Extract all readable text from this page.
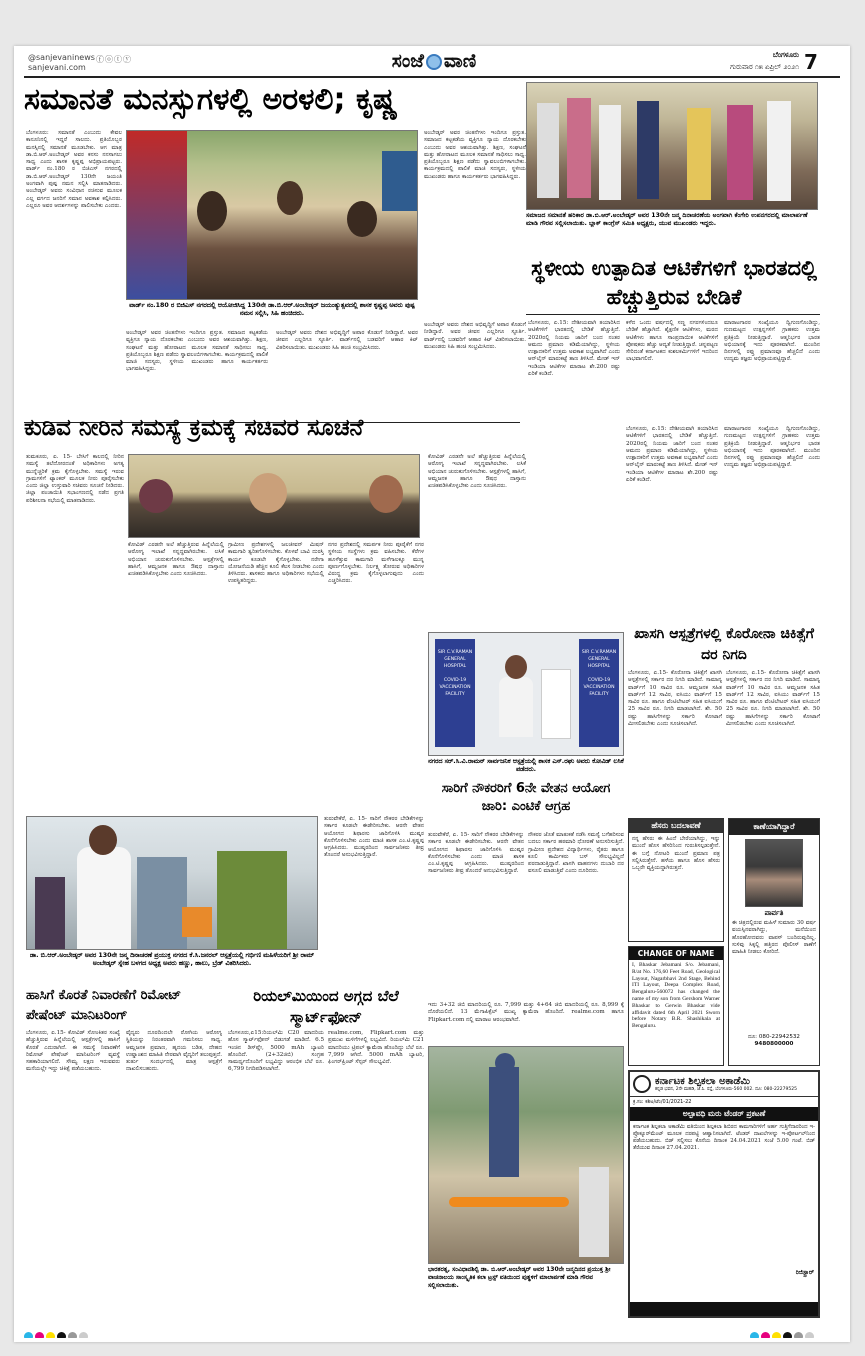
@sanjevaninews
sanjevani.com
ⓕⓞⓣⓨ	ಸಂಜೆ ವಾಣಿ	ಬೆಂಗಳೂರು
ಗುರುವಾರ ೧೫ ಏಪ್ರಿಲ್ ೨೦೨೧ 7
ಸಮಾನತೆ ಮನಸ್ಸುಗಳಲ್ಲಿ ಅರಳಲಿ; ಕೃಷ್ಣ
ಬೆಂಗಳೂರು: ಸಮಾನತೆ ಎಂಬುದು ಕೇವಲ ಕಾನೂನಿನಲ್ಲಿ ಇದ್ದರೆ ಸಾಲದು. ಪ್ರತಿಯೊಬ್ಬರ ಮನಸ್ಸಿನಲ್ಲಿ ಸಮಾನತೆ ಮೂಡಬೇಕು. ಆಗ ಮಾತ್ರ ಡಾ.ಬಿ.ಆರ್.ಅಂಬೇಡ್ಕರ್ ಅವರ ಕನಸು ನನಸಾಗಲು ಸಾಧ್ಯ ಎಂದು ಶಾಸಕ ಕೃಷ್ಣಪ್ಪ ಅಭಿಪ್ರಾಯಪಟ್ಟರು. ವಾರ್ಡ್ ನಂ.180 ರ ಬಿಜಿಎಸ್ ನಗರದಲ್ಲಿ ಡಾ.ಬಿ.ಆರ್.ಅಂಬೇಡ್ಕರ್ 130ನೇ ಜಯಂತಿ ಅಂಗವಾಗಿ ಪುಷ್ಪ ನಮನ ಸಲ್ಲಿಸಿ ಮಾತನಾಡಿದರು. ಅಂಬೇಡ್ಕರ್ ಅವರು ಸಂವಿಧಾನ ರಚಿಸುವ ಮೂಲಕ ಎಲ್ಲ ವರ್ಗದ ಜನರಿಗೆ ಸಮಾನ ಅವಕಾಶ ಕಲ್ಪಿಸಿದರು. ಎಲ್ಲರೂ ಅವರ ಆದರ್ಶಗಳನ್ನು ಪಾಲಿಸಬೇಕು ಎಂದರು.
ವಾರ್ಡ್ ನಂ.180 ರ ಬಿಜಿಎಸ್ ನಗರದಲ್ಲಿ ಆಯೋಜಿಸಿದ್ದ 130ನೇ ಡಾ.ಬಿ.ಆರ್.ಅಂಬೇಡ್ಕರ್ ಜಯಂತ್ಯುತ್ಸವದಲ್ಲಿ ಶಾಸಕ ಕೃಷ್ಣಪ್ಪ ಅವರು ಪುಷ್ಪ ನಮನ ಸಲ್ಲಿಸಿ, ಸಿಹಿ ಹಂಚಿದರು.
ಅಂಬೇಡ್ಕರ್ ಅವರ ಚಿಂತನೆಗಳು ಇಂದಿಗೂ ಪ್ರಸ್ತುತ. ಸಮಾಜದ ಕಟ್ಟಕಡೆಯ ವ್ಯಕ್ತಿಗೂ ನ್ಯಾಯ ದೊರಕಬೇಕು ಎಂಬುದು ಅವರ ಆಶಯವಾಗಿತ್ತು. ಶಿಕ್ಷಣ, ಸಂಘಟನೆ ಮತ್ತು ಹೋರಾಟದ ಮೂಲಕ ಸಮಾನತೆ ಸಾಧಿಸಲು ಸಾಧ್ಯ. ಪ್ರತಿಯೊಬ್ಬರೂ ಶಿಕ್ಷಣ ಪಡೆದು ಸ್ವಾವಲಂಬಿಗಳಾಗಬೇಕು. ಕಾರ್ಯಕ್ರಮದಲ್ಲಿ ಪಾಲಿಕೆ ಮಾಜಿ ಸದಸ್ಯರು, ಸ್ಥಳೀಯ ಮುಖಂಡರು ಹಾಗೂ ಕಾರ್ಯಕರ್ತರು ಭಾಗವಹಿಸಿದ್ದರು.
ಅಂಬೇಡ್ಕರ್ ಅವರು ದೇಶದ ಅಭಿವೃದ್ಧಿಗೆ ಅಪಾರ ಕೊಡುಗೆ ನೀಡಿದ್ದಾರೆ. ಅವರ ಜೀವನ ಎಲ್ಲರಿಗೂ ಸ್ಫೂರ್ತಿ. ವಾರ್ಡ್‌ನಲ್ಲಿ ಬಡವರಿಗೆ ಆಹಾರ ಕಿಟ್ ವಿತರಿಸಲಾಯಿತು. ಮುಖಂಡರು ಸಿಹಿ ಹಂಚಿ ಸಂಭ್ರಮಿಸಿದರು.
ಅಂಬೇಡ್ಕರ್ ಅವರ ಚಿಂತನೆಗಳು ಇಂದಿಗೂ ಪ್ರಸ್ತುತ. ಸಮಾಜದ ಕಟ್ಟಕಡೆಯ ವ್ಯಕ್ತಿಗೂ ನ್ಯಾಯ ದೊರಕಬೇಕು ಎಂಬುದು ಅವರ ಆಶಯವಾಗಿತ್ತು. ಶಿಕ್ಷಣ, ಸಂಘಟನೆ ಮತ್ತು ಹೋರಾಟದ ಮೂಲಕ ಸಮಾನತೆ ಸಾಧಿಸಲು ಸಾಧ್ಯ. ಪ್ರತಿಯೊಬ್ಬರೂ ಶಿಕ್ಷಣ ಪಡೆದು ಸ್ವಾವಲಂಬಿಗಳಾಗಬೇಕು. ಕಾರ್ಯಕ್ರಮದಲ್ಲಿ ಪಾಲಿಕೆ ಮಾಜಿ ಸದಸ್ಯರು, ಸ್ಥಳೀಯ ಮುಖಂಡರು ಹಾಗೂ ಕಾರ್ಯಕರ್ತರು ಭಾಗವಹಿಸಿದ್ದರು.
ಸಮಾಜದ ಸಮಾನತೆ ಹರಿಕಾರ ಡಾ.ಬಿ.ಆರ್.ಅಂಬೇಡ್ಕರ್ ಅವರ 130ನೇ ಜನ್ಮ ದಿನಾಚರಣೆಯ ಅಂಗವಾಗಿ ಕೆಂಗೇರಿ ಉಪನಗರದಲ್ಲಿ ಮಾಲಾರ್ಪಣೆ ಮಾಡಿ ಗೌರವ ಸಲ್ಲಿಸಲಾಯಿತು. ಬ್ಲಾಕ್ ಕಾಂಗ್ರೆಸ್ ಸಮಿತಿ ಅಧ್ಯಕ್ಷರು, ಯುವ ಮುಖಂಡರು ಇದ್ದರು.
ಅಂಬೇಡ್ಕರ್ ಅವರು ದೇಶದ ಅಭಿವೃದ್ಧಿಗೆ ಅಪಾರ ಕೊಡುಗೆ ನೀಡಿದ್ದಾರೆ. ಅವರ ಜೀವನ ಎಲ್ಲರಿಗೂ ಸ್ಫೂರ್ತಿ. ವಾರ್ಡ್‌ನಲ್ಲಿ ಬಡವರಿಗೆ ಆಹಾರ ಕಿಟ್ ವಿತರಿಸಲಾಯಿತು. ಮುಖಂಡರು ಸಿಹಿ ಹಂಚಿ ಸಂಭ್ರಮಿಸಿದರು.
ಸ್ಥಳೀಯ ಉತ್ಪಾದಿತ ಆಟಿಕೆಗಳಿಗೆ ಭಾರತದಲ್ಲಿ ಹೆಚ್ಚುತ್ತಿರುವ ಬೇಡಿಕೆ
ಬೆಂಗಳೂರು, ಏ.15: ದೇಶೀಯವಾಗಿ ತಯಾರಿಸಿದ ಆಟಿಕೆಗಳಿಗೆ ಭಾರತದಲ್ಲಿ ಬೇಡಿಕೆ ಹೆಚ್ಚುತ್ತಿದೆ. 2020ರಲ್ಲಿ ನಿಯಮ ಜಾರಿಗೆ ಬಂದ ನಂತರ ಆಮದು ಪ್ರಮಾಣ ಕಡಿಮೆಯಾಗಿದ್ದು, ಸ್ಥಳೀಯ ಉತ್ಪಾದಕರಿಗೆ ಉತ್ತಮ ಅವಕಾಶ ಲಭ್ಯವಾಗಿದೆ ಎಂದು ಆನ್‌ಲೈನ್ ಮಾರುಕಟ್ಟೆ ತಾಣ ತಿಳಿಸಿದೆ. ಮೇಡ್ ಇನ್ ಇಂಡಿಯಾ ಆಟಿಕೆಗಳ ಮಾರಾಟ ಶೇ.200 ರಷ್ಟು ಏರಿಕೆ ಕಂಡಿದೆ.
ಕಳೆದ ಒಂದು ವರ್ಷದಲ್ಲಿ ಸಣ್ಣ ನಗರಗಳಿಂದಲೂ ಬೇಡಿಕೆ ಹೆಚ್ಚಾಗಿದೆ. ಶೈಕ್ಷಣಿಕ ಆಟಿಕೆಗಳು, ಮರದ ಆಟಿಕೆಗಳು ಹಾಗೂ ಸಾಂಪ್ರದಾಯಿಕ ಆಟಿಕೆಗಳಿಗೆ ಪೋಷಕರು ಹೆಚ್ಚು ಆದ್ಯತೆ ನೀಡುತ್ತಿದ್ದಾರೆ. ಚನ್ನಪಟ್ಟಣ ಸೇರಿದಂತೆ ಕರ್ನಾಟಕದ ಕುಶಲಕರ್ಮಿಗಳಿಗೆ ಇದರಿಂದ ಲಾಭವಾಗಲಿದೆ.
ಮಾರಾಟಗಾರರ ಸಂಖ್ಯೆಯೂ ದ್ವಿಗುಣಗೊಂಡಿದ್ದು, ಗುಣಮಟ್ಟದ ಉತ್ಪನ್ನಗಳಿಗೆ ಗ್ರಾಹಕರು ಉತ್ತಮ ಪ್ರತಿಕ್ರಿಯೆ ನೀಡುತ್ತಿದ್ದಾರೆ. ಆತ್ಮನಿರ್ಭರ ಭಾರತ ಅಭಿಯಾನಕ್ಕೆ ಇದು ಪೂರಕವಾಗಿದೆ. ಮುಂದಿನ ದಿನಗಳಲ್ಲಿ ರಫ್ತು ಪ್ರಮಾಣವೂ ಹೆಚ್ಚಲಿದೆ ಎಂದು ಉದ್ಯಮ ತಜ್ಞರು ಅಭಿಪ್ರಾಯಪಟ್ಟಿದ್ದಾರೆ.
ಬೆಂಗಳೂರು, ಏ.15: ದೇಶೀಯವಾಗಿ ತಯಾರಿಸಿದ ಆಟಿಕೆಗಳಿಗೆ ಭಾರತದಲ್ಲಿ ಬೇಡಿಕೆ ಹೆಚ್ಚುತ್ತಿದೆ. 2020ರಲ್ಲಿ ನಿಯಮ ಜಾರಿಗೆ ಬಂದ ನಂತರ ಆಮದು ಪ್ರಮಾಣ ಕಡಿಮೆಯಾಗಿದ್ದು, ಸ್ಥಳೀಯ ಉತ್ಪಾದಕರಿಗೆ ಉತ್ತಮ ಅವಕಾಶ ಲಭ್ಯವಾಗಿದೆ ಎಂದು ಆನ್‌ಲೈನ್ ಮಾರುಕಟ್ಟೆ ತಾಣ ತಿಳಿಸಿದೆ. ಮೇಡ್ ಇನ್ ಇಂಡಿಯಾ ಆಟಿಕೆಗಳ ಮಾರಾಟ ಶೇ.200 ರಷ್ಟು ಏರಿಕೆ ಕಂಡಿದೆ.
ಮಾರಾಟಗಾರರ ಸಂಖ್ಯೆಯೂ ದ್ವಿಗುಣಗೊಂಡಿದ್ದು, ಗುಣಮಟ್ಟದ ಉತ್ಪನ್ನಗಳಿಗೆ ಗ್ರಾಹಕರು ಉತ್ತಮ ಪ್ರತಿಕ್ರಿಯೆ ನೀಡುತ್ತಿದ್ದಾರೆ. ಆತ್ಮನಿರ್ಭರ ಭಾರತ ಅಭಿಯಾನಕ್ಕೆ ಇದು ಪೂರಕವಾಗಿದೆ. ಮುಂದಿನ ದಿನಗಳಲ್ಲಿ ರಫ್ತು ಪ್ರಮಾಣವೂ ಹೆಚ್ಚಲಿದೆ ಎಂದು ಉದ್ಯಮ ತಜ್ಞರು ಅಭಿಪ್ರಾಯಪಟ್ಟಿದ್ದಾರೆ.
ಕುಡಿವ ನೀರಿನ ಸಮಸ್ಯೆ ಕ್ರಮಕ್ಕೆ ಸಚಿವರ ಸೂಚನೆ
ತುಮಕೂರು, ಏ. 15- ಬೇಸಿಗೆ ಕಾಲದಲ್ಲಿ ನೀರಿನ ಸಮಸ್ಯೆ ತಲೆದೋರದಂತೆ ಅಧಿಕಾರಿಗಳು ಅಗತ್ಯ ಮುನ್ನೆಚ್ಚರಿಕೆ ಕ್ರಮ ಕೈಗೊಳ್ಳಬೇಕು. ಸಮಸ್ಯೆ ಇರುವ ಗ್ರಾಮಗಳಿಗೆ ಟ್ಯಾಂಕರ್ ಮೂಲಕ ನೀರು ಪೂರೈಸಬೇಕು ಎಂದು ಜಿಲ್ಲಾ ಉಸ್ತುವಾರಿ ಸಚಿವರು ಸೂಚನೆ ನೀಡಿದರು. ಜಿಲ್ಲಾ ಪಂಚಾಯಿತಿ ಸಭಾಂಗಣದಲ್ಲಿ ನಡೆದ ಪ್ರಗತಿ ಪರಿಶೀಲನಾ ಸಭೆಯಲ್ಲಿ ಮಾತನಾಡಿದರು.
ಕೋವಿಡ್ ಎರಡನೇ ಅಲೆ ಹೆಚ್ಚುತ್ತಿರುವ ಹಿನ್ನೆಲೆಯಲ್ಲಿ ಆರೋಗ್ಯ ಇಲಾಖೆ ಸನ್ನದ್ಧವಾಗಿರಬೇಕು. ಲಸಿಕೆ ಅಭಿಯಾನ ಚುರುಕುಗೊಳಿಸಬೇಕು. ಆಸ್ಪತ್ರೆಗಳಲ್ಲಿ ಹಾಸಿಗೆ, ಆಮ್ಲಜನಕ ಹಾಗೂ ಔಷಧ ದಾಸ್ತಾನು ಖಚಿತಪಡಿಸಿಕೊಳ್ಳಬೇಕು ಎಂದು ಸೂಚಿಸಿದರು.
ಗ್ರಾಮೀಣ ಪ್ರದೇಶಗಳಲ್ಲಿ ಜಲಜೀವನ್ ಮಿಷನ್ ಕಾಮಗಾರಿ ತ್ವರಿತಗೊಳಿಸಬೇಕು. ಕೊಳವೆ ಬಾವಿ ದುರಸ್ತಿ ಕಾರ್ಯ ಕೂಡಲೇ ಕೈಗೊಳ್ಳಬೇಕು. ನರೇಗಾ ಯೋಜನೆಯಡಿ ಹೆಚ್ಚಿನ ಕೂಲಿ ಕೆಲಸ ನೀಡಬೇಕು ಎಂದು ತಿಳಿಸಿದರು. ಶಾಸಕರು ಹಾಗೂ ಅಧಿಕಾರಿಗಳು ಸಭೆಯಲ್ಲಿ ಉಪಸ್ಥಿತರಿದ್ದರು.
ನಗರ ಪ್ರದೇಶದಲ್ಲಿ ಸಮರ್ಪಕ ನೀರು ಪೂರೈಕೆಗೆ ನಗರ ಸ್ಥಳೀಯ ಸಂಸ್ಥೆಗಳು ಕ್ರಮ ವಹಿಸಬೇಕು. ಕೆರೆಗಳ ಹೂಳೆತ್ತುವ ಕಾಮಗಾರಿ ಮಳೆಗಾಲಕ್ಕೂ ಮುನ್ನ ಪೂರ್ಣಗೊಳ್ಳಬೇಕು. ನಿರ್ಲಕ್ಷ್ಯ ತೋರುವ ಅಧಿಕಾರಿಗಳ ವಿರುದ್ಧ ಕ್ರಮ ಕೈಗೊಳ್ಳಲಾಗುವುದು ಎಂದು ಎಚ್ಚರಿಸಿದರು.
ಕೋವಿಡ್ ಎರಡನೇ ಅಲೆ ಹೆಚ್ಚುತ್ತಿರುವ ಹಿನ್ನೆಲೆಯಲ್ಲಿ ಆರೋಗ್ಯ ಇಲಾಖೆ ಸನ್ನದ್ಧವಾಗಿರಬೇಕು. ಲಸಿಕೆ ಅಭಿಯಾನ ಚುರುಕುಗೊಳಿಸಬೇಕು. ಆಸ್ಪತ್ರೆಗಳಲ್ಲಿ ಹಾಸಿಗೆ, ಆಮ್ಲಜನಕ ಹಾಗೂ ಔಷಧ ದಾಸ್ತಾನು ಖಚಿತಪಡಿಸಿಕೊಳ್ಳಬೇಕು ಎಂದು ಸೂಚಿಸಿದರು.
SIR C.V.RAMAN GENERAL HOSPITAL

COVID-19 VACCINATION FACILITY
SIR C.V.RAMAN GENERAL HOSPITAL

COVID-19 VACCINATION FACILITY
ನಗರದ ಸರ್.ಸಿ.ವಿ.ರಾಮನ್ ಸಾರ್ವಜನಿಕ ಆಸ್ಪತ್ರೆಯಲ್ಲಿ ಶಾಸಕ ಎಸ್.ರಘು ಅವರು ಕೋವಿಡ್ ಲಸಿಕೆ ಪಡೆದರು.
ಖಾಸಗಿ ಆಸ್ಪತ್ರೆಗಳಲ್ಲಿ ಕೊರೋನಾ ಚಿಕಿತ್ಸೆಗೆ ದರ ನಿಗದಿ
ಬೆಂಗಳೂರು, ಏ.15- ಕೊರೋನಾ ಚಿಕಿತ್ಸೆಗೆ ಖಾಸಗಿ ಆಸ್ಪತ್ರೆಗಳಲ್ಲಿ ಸರ್ಕಾರ ದರ ನಿಗದಿ ಮಾಡಿದೆ. ಸಾಮಾನ್ಯ ವಾರ್ಡ್‌ಗೆ 10 ಸಾವಿರ ರೂ. ಆಮ್ಲಜನಕ ಸಹಿತ ವಾರ್ಡ್‌ಗೆ 12 ಸಾವಿರ, ಐಸಿಯು ವಾರ್ಡ್‌ಗೆ 15 ಸಾವಿರ ರೂ. ಹಾಗೂ ವೆಂಟಿಲೇಟರ್ ಸಹಿತ ಐಸಿಯುಗೆ 25 ಸಾವಿರ ರೂ. ನಿಗದಿ ಮಾಡಲಾಗಿದೆ. ಶೇ. 50 ರಷ್ಟು ಹಾಸಿಗೆಗಳನ್ನು ಸರ್ಕಾರಿ ಕೋಟಾಗೆ ಮೀಸಲಿಡಬೇಕು ಎಂದು ಸೂಚಿಸಲಾಗಿದೆ.
ಬೆಂಗಳೂರು, ಏ.15- ಕೊರೋನಾ ಚಿಕಿತ್ಸೆಗೆ ಖಾಸಗಿ ಆಸ್ಪತ್ರೆಗಳಲ್ಲಿ ಸರ್ಕಾರ ದರ ನಿಗದಿ ಮಾಡಿದೆ. ಸಾಮಾನ್ಯ ವಾರ್ಡ್‌ಗೆ 10 ಸಾವಿರ ರೂ. ಆಮ್ಲಜನಕ ಸಹಿತ ವಾರ್ಡ್‌ಗೆ 12 ಸಾವಿರ, ಐಸಿಯು ವಾರ್ಡ್‌ಗೆ 15 ಸಾವಿರ ರೂ. ಹಾಗೂ ವೆಂಟಿಲೇಟರ್ ಸಹಿತ ಐಸಿಯುಗೆ 25 ಸಾವಿರ ರೂ. ನಿಗದಿ ಮಾಡಲಾಗಿದೆ. ಶೇ. 50 ರಷ್ಟು ಹಾಸಿಗೆಗಳನ್ನು ಸರ್ಕಾರಿ ಕೋಟಾಗೆ ಮೀಸಲಿಡಬೇಕು ಎಂದು ಸೂಚಿಸಲಾಗಿದೆ.
ಸಾರಿಗೆ ನೌಕರರಿಗೆ 6ನೇ ವೇತನ ಆಯೋಗ ಜಾರಿ: ಎಂಟಿಕೆ ಆಗ್ರಹ
ತುರುವೇಕೆರೆ, ಏ. 15- ಸಾರಿಗೆ ನೌಕರರ ಬೇಡಿಕೆಗಳನ್ನು ಸರ್ಕಾರ ಕೂಡಲೇ ಈಡೇರಿಸಬೇಕು. ಆರನೇ ವೇತನ ಆಯೋಗದ ಶಿಫಾರಸು ಜಾರಿಗೊಳಿಸಿ ಮುಷ್ಕರ ಕೊನೆಗೊಳಿಸಬೇಕು ಎಂದು ಮಾಜಿ ಶಾಸಕ ಎಂ.ಟಿ.ಕೃಷ್ಣಪ್ಪ ಆಗ್ರಹಿಸಿದರು. ಮುಷ್ಕರದಿಂದ ಸಾರ್ವಜನಿಕರು ತೀವ್ರ ತೊಂದರೆ ಅನುಭವಿಸುತ್ತಿದ್ದಾರೆ.
ನೌಕರರ ಜೊತೆ ಮಾತುಕತೆ ನಡೆಸಿ ಸಮಸ್ಯೆ ಬಗೆಹರಿಸುವ ಬದಲು ಸರ್ಕಾರ ಹಠಮಾರಿ ಧೋರಣೆ ಅನುಸರಿಸುತ್ತಿದೆ. ಗ್ರಾಮೀಣ ಪ್ರದೇಶದ ವಿದ್ಯಾರ್ಥಿಗಳು, ರೈತರು ಹಾಗೂ ಕೂಲಿ ಕಾರ್ಮಿಕರು ಬಸ್ ಸೌಲಭ್ಯವಿಲ್ಲದೆ ಪರದಾಡುತ್ತಿದ್ದಾರೆ. ಖಾಸಗಿ ವಾಹನಗಳು ದುಬಾರಿ ದರ ವಸೂಲಿ ಮಾಡುತ್ತಿವೆ ಎಂದು ದೂರಿದರು.
ಡಾ. ಬಿ.ಆರ್.ಅಂಬೇಡ್ಕರ್ ಅವರ 130ನೇ ಜನ್ಮ ದಿನಾಚರಣೆ ಪ್ರಯುಕ್ತ ನಗರದ ಕೆ.ಸಿ.ಜನರಲ್ ಆಸ್ಪತ್ರೆಯಲ್ಲಿ ಗರ್ಭಿಣಿ ಮಹಿಳೆಯರಿಗೆ ಶ್ರೀ ರಾಮ್ ಅಂಬೇಡ್ಕರ್ ಸ್ನೇಹ ಬಳಗದ ಅಧ್ಯಕ್ಷ ಅವರು ಹಣ್ಣು, ಹಾಲು, ಬ್ರೆಡ್ ವಿತರಿಸಿದರು.
ತುರುವೇಕೆರೆ, ಏ. 15- ಸಾರಿಗೆ ನೌಕರರ ಬೇಡಿಕೆಗಳನ್ನು ಸರ್ಕಾರ ಕೂಡಲೇ ಈಡೇರಿಸಬೇಕು. ಆರನೇ ವೇತನ ಆಯೋಗದ ಶಿಫಾರಸು ಜಾರಿಗೊಳಿಸಿ ಮುಷ್ಕರ ಕೊನೆಗೊಳಿಸಬೇಕು ಎಂದು ಮಾಜಿ ಶಾಸಕ ಎಂ.ಟಿ.ಕೃಷ್ಣಪ್ಪ ಆಗ್ರಹಿಸಿದರು. ಮುಷ್ಕರದಿಂದ ಸಾರ್ವಜನಿಕರು ತೀವ್ರ ತೊಂದರೆ ಅನುಭವಿಸುತ್ತಿದ್ದಾರೆ.
ಹಾಸಿಗೆ ಕೊರತೆ ನಿವಾರಣೆಗೆ ರಿಮೋಟ್ ಪೇಷೆಂಟ್ ಮಾನಿಟರಿಂಗ್
ಬೆಂಗಳೂರು, ಏ.15- ಕೋವಿಡ್ ಸೋಂಕಿತರ ಸಂಖ್ಯೆ ಹೆಚ್ಚುತ್ತಿರುವ ಹಿನ್ನೆಲೆಯಲ್ಲಿ ಆಸ್ಪತ್ರೆಗಳಲ್ಲಿ ಹಾಸಿಗೆ ಕೊರತೆ ಎದುರಾಗಿದೆ. ಈ ಸಮಸ್ಯೆ ನಿವಾರಣೆಗೆ ರಿಮೋಟ್ ಪೇಷೆಂಟ್ ಮಾನಿಟರಿಂಗ್ ವ್ಯವಸ್ಥೆ ಸಹಕಾರಿಯಾಗಲಿದೆ. ಸೌಮ್ಯ ಲಕ್ಷಣ ಇರುವವರು ಮನೆಯಲ್ಲೇ ಇದ್ದು ಚಿಕಿತ್ಸೆ ಪಡೆಯಬಹುದು.
ವೈದ್ಯರು ದೂರದಿಂದಲೇ ರೋಗಿಯ ಆರೋಗ್ಯ ಸ್ಥಿತಿಯನ್ನು ನಿರಂತರವಾಗಿ ಗಮನಿಸಲು ಸಾಧ್ಯ. ಆಮ್ಲಜನಕ ಪ್ರಮಾಣ, ಹೃದಯ ಬಡಿತ, ದೇಹದ ಉಷ್ಣಾಂಶದ ಮಾಹಿತಿ ನೇರವಾಗಿ ವೈದ್ಯರಿಗೆ ತಲುಪುತ್ತದೆ. ತುರ್ತು ಸಂದರ್ಭದಲ್ಲಿ ಮಾತ್ರ ಆಸ್ಪತ್ರೆಗೆ ದಾಖಲಿಸಬಹುದು.
ರಿಯಲ್‌ಮಿಯಿಂದ ಅಗ್ಗದ ಬೆಲೆ ಸ್ಮಾರ್ಟ್‌ಫೋನ್
ಬೆಂಗಳೂರು,ಏ15:ರಿಯಲ್‌ಮಿ C20 ಮಾದರಿಯ ಹೊಸ ಸ್ಮಾರ್ಟ್‌ಫೋನ್ ಬಿಡುಗಡೆ ಮಾಡಿದೆ. 6.5 ಇಂಚಿನ ಡಿಸ್‌ಪ್ಲೇ, 5000 mAh ಬ್ಯಾಟರಿ ಹೊಂದಿದೆ. (2+32ಜಿಬಿ) ಸಂಗ್ರಹ ಸಾಮರ್ಥ್ಯದೊಂದಿಗೆ ಲಭ್ಯವಿದ್ದು ಆರಂಭಿಕ ಬೆಲೆ ರೂ. 6,799 ನಿಗದಿಪಡಿಸಲಾಗಿದೆ.
realme.com, Flipkart.com ಮತ್ತು ಪ್ರಮುಖ ಮಳಿಗೆಗಳಲ್ಲಿ ಲಭ್ಯವಿದೆ. ರಿಯಲ್‌ಮಿ C21 ಮಾದರಿಯು ಟ್ರಿಪಲ್ ಕ್ಯಾಮೆರಾ ಹೊಂದಿದ್ದು ಬೆಲೆ ರೂ. 7,999 ಆಗಿದೆ. 5000 mAh ಬ್ಯಾಟರಿ, ಫಿಂಗರ್‌ಪ್ರಿಂಟ್ ಸೆನ್ಸರ್ ಸೌಲಭ್ಯವಿದೆ.
ಇದು 3+32 ಜಿಬಿ ಮಾದರಿಯಲ್ಲಿ ರೂ. 7,999 ಮತ್ತು 4+64 ಜಿಬಿ ಮಾದರಿಯಲ್ಲಿ ರೂ. 8,999 ಕ್ಕೆ ದೊರೆಯಲಿದೆ. 13 ಮೆಗಾಪಿಕ್ಸೆಲ್ ಮುಖ್ಯ ಕ್ಯಾಮೆರಾ ಹೊಂದಿದೆ. realme.com ಹಾಗೂ Flipkart.com ನಲ್ಲಿ ಮಾರಾಟ ಆರಂಭವಾಗಿದೆ.
ಭಾರತರತ್ನ, ಸಂವಿಧಾನಶಿಲ್ಪಿ ಡಾ. ಬಿ.ಆರ್.ಅಂಬೇಡ್ಕರ್ ಅವರ 130ನೇ ಜನ್ಮದಿನದ ಪ್ರಯುಕ್ತ ಶ್ರೀ ವಾಚನಾಲಯ ಸಾಂಸ್ಕೃತಿಕ ಕಲಾ ಟ್ರಸ್ಟ್ ವತಿಯಿಂದ ಪುತ್ಥಳಿಗೆ ಮಾಲಾರ್ಪಣೆ ಮಾಡಿ ಗೌರವ ಸಲ್ಲಿಸಲಾಯಿತು.
ಹೆಸರು ಬದಲಾವಣೆ
ನನ್ನ ಹೆಸರು ಈ ಹಿಂದೆ ಬೇರೆಯಾಗಿದ್ದು, ಇನ್ನು ಮುಂದೆ ಹೊಸ ಹೆಸರಿನಿಂದ ಗುರುತಿಸಲ್ಪಡುತ್ತೇನೆ. ಈ ಬಗ್ಗೆ ನೋಟರಿ ಮುಂದೆ ಪ್ರಮಾಣ ಪತ್ರ ಸಲ್ಲಿಸಿರುತ್ತೇನೆ. ಹಳೆಯ ಹಾಗೂ ಹೊಸ ಹೆಸರು ಒಬ್ಬರೇ ವ್ಯಕ್ತಿಯದ್ದಾಗಿರುತ್ತದೆ.
ಕಾಣೆಯಾಗಿದ್ದಾರೆ
ಪಾರ್ವತಿ
ಈ ಚಿತ್ರದಲ್ಲಿರುವ ಮಹಿಳೆ ಸುಮಾರು 30 ವರ್ಷ ವಯಸ್ಸಿನವರಾಗಿದ್ದು, ಮನೆಯಿಂದ ಹೊರಹೋದವರು ವಾಪಸ್ ಬಂದಿರುವುದಿಲ್ಲ. ಸುಳಿವು ಸಿಕ್ಕಲ್ಲಿ ಹತ್ತಿರದ ಪೊಲೀಸ್ ಠಾಣೆಗೆ ಮಾಹಿತಿ ನೀಡಲು ಕೋರಿದೆ.
ದೂ: 080-22942532
9480800000
CHANGE OF NAME
I, Bhaskar Jebamani S/o. Jebamani, R/at No. 176,60 Feet Road, Geological Layout, Nagarbhavi 2nd Stage, Behind ITI Layout, Deepa Complex Road, Bengaluru-560072 has changed the name of my son from Gershom Warner Bhaskar to Gerwin Bhaskar vide affidavit dated 6th April 2021 Sworn before Notary B.R. Shashikala at Bengaluru.
ಕರ್ನಾಟಕ ಶಿಲ್ಪಕಲಾ ಅಕಾಡೆಮಿ
ಕನ್ನಡ ಭವನ, 2ನೇ ಮಹಡಿ, ಜೆ.ಸಿ. ರಸ್ತೆ, ಬೆಂಗಳೂರು-560 002. ದೂ: 080-22279525
ಕ್ರ.ಸಂ: ಕಶಿಅ/ಟೆಂ/01/2021-22
ಅಲ್ಪಾವಧಿ ಮರು ಟೆಂಡರ್ ಪ್ರಕಟಣೆ
ಕರ್ನಾಟಕ ಶಿಲ್ಪಕಲಾ ಅಕಾಡೆಮಿ ವತಿಯಿಂದ ಶಿಲ್ಪಕಲಾ ಶಿಬಿರದ ಕಾಮಗಾರಿಗಳಿಗೆ ಅರ್ಹ ಗುತ್ತಿಗೆದಾರರಿಂದ ಇ-ಪ್ರೊಕ್ಯೂರ್‌ಮೆಂಟ್ ಮೂಲಕ ದರಪಟ್ಟಿ ಆಹ್ವಾನಿಸಲಾಗಿದೆ. ಟೆಂಡರ್ ದಾಖಲೆಗಳನ್ನು ಇ-ಪೋರ್ಟಲ್‌ನಿಂದ ಪಡೆಯಬಹುದು. ಬಿಡ್ ಸಲ್ಲಿಸಲು ಕೊನೆಯ ದಿನಾಂಕ 24.04.2021 ಸಂಜೆ 5.00 ಗಂಟೆ. ಬಿಡ್ ತೆರೆಯುವ ದಿನಾಂಕ 27.04.2021.
ರಿಜಿಸ್ಟ್ರಾರ್
